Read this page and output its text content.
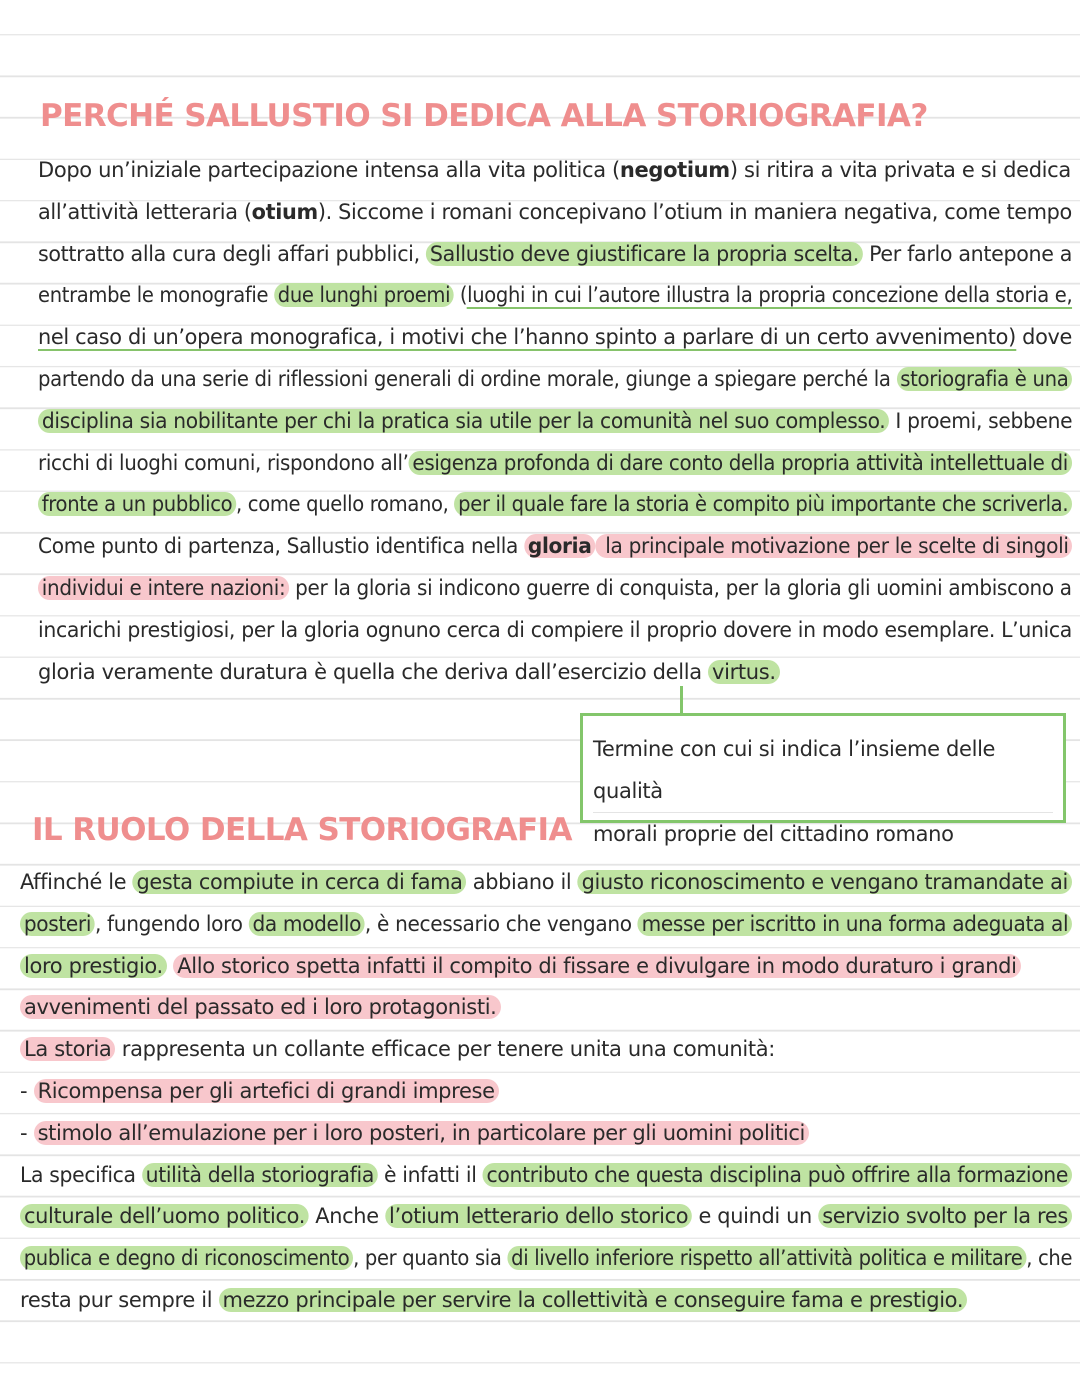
PERCHÉ SALLUSTIO SI DEDICA ALLA STORIOGRAFIA?
Dopo un’iniziale partecipazione intensa alla vita politica (negotium) si ritira a vita privata e si dedica
all’attività letteraria (otium). Siccome i romani concepivano l’otium in maniera negativa, come tempo
sottratto alla cura degli affari pubblici, Sallustio deve giustificare la propria scelta. Per farlo antepone a
entrambe le monografie due lunghi proemi (luoghi in cui l’autore illustra la propria concezione della storia e,
nel caso di un’opera monografica, i motivi che l’hanno spinto a parlare di un certo avvenimento) dove
partendo da una serie di riflessioni generali di ordine morale, giunge a spiegare perché la storiografia è una
disciplina sia nobilitante per chi la pratica sia utile per la comunità nel suo complesso. I proemi, sebbene
ricchi di luoghi comuni, rispondono all’ esigenza profonda di dare conto della propria attività intellettuale di
fronte a un pubblico , come quello romano, per il quale fare la storia è compito più importante che scriverla.
Come punto di partenza, Sallustio identifica nella gloria la principale motivazione per le scelte di singoli
individui e intere nazioni: per la gloria si indicono guerre di conquista, per la gloria gli uomini ambiscono a
incarichi prestigiosi, per la gloria ognuno cerca di compiere il proprio dovere in modo esemplare. L’unica
gloria veramente duratura è quella che deriva dall’esercizio della virtus.
Termine con cui si indica l’insieme delle qualità
morali proprie del cittadino romano
IL RUOLO DELLA STORIOGRAFIA
Affinché le gesta compiute in cerca di fama abbiano il giusto riconoscimento e vengano tramandate ai
posteri , fungendo loro da modello , è necessario che vengano messe per iscritto in una forma adeguata al
loro prestigio. Allo storico spetta infatti il compito di fissare e divulgare in modo duraturo i grandi
avvenimenti del passato ed i loro protagonisti.
La storia rappresenta un collante efficace per tenere unita una comunità:
- Ricompensa per gli artefici di grandi imprese
- stimolo all’emulazione per i loro posteri, in particolare per gli uomini politici
La specifica utilità della storiografia è infatti il contributo che questa disciplina può offrire alla formazione
culturale dell’uomo politico. Anche l’otium letterario dello storico e quindi un servizio svolto per la res
publica e degno di riconoscimento , per quanto sia di livello inferiore rispetto all’attività politica e militare , che
resta pur sempre il mezzo principale per servire la collettività e conseguire fama e prestigio.
